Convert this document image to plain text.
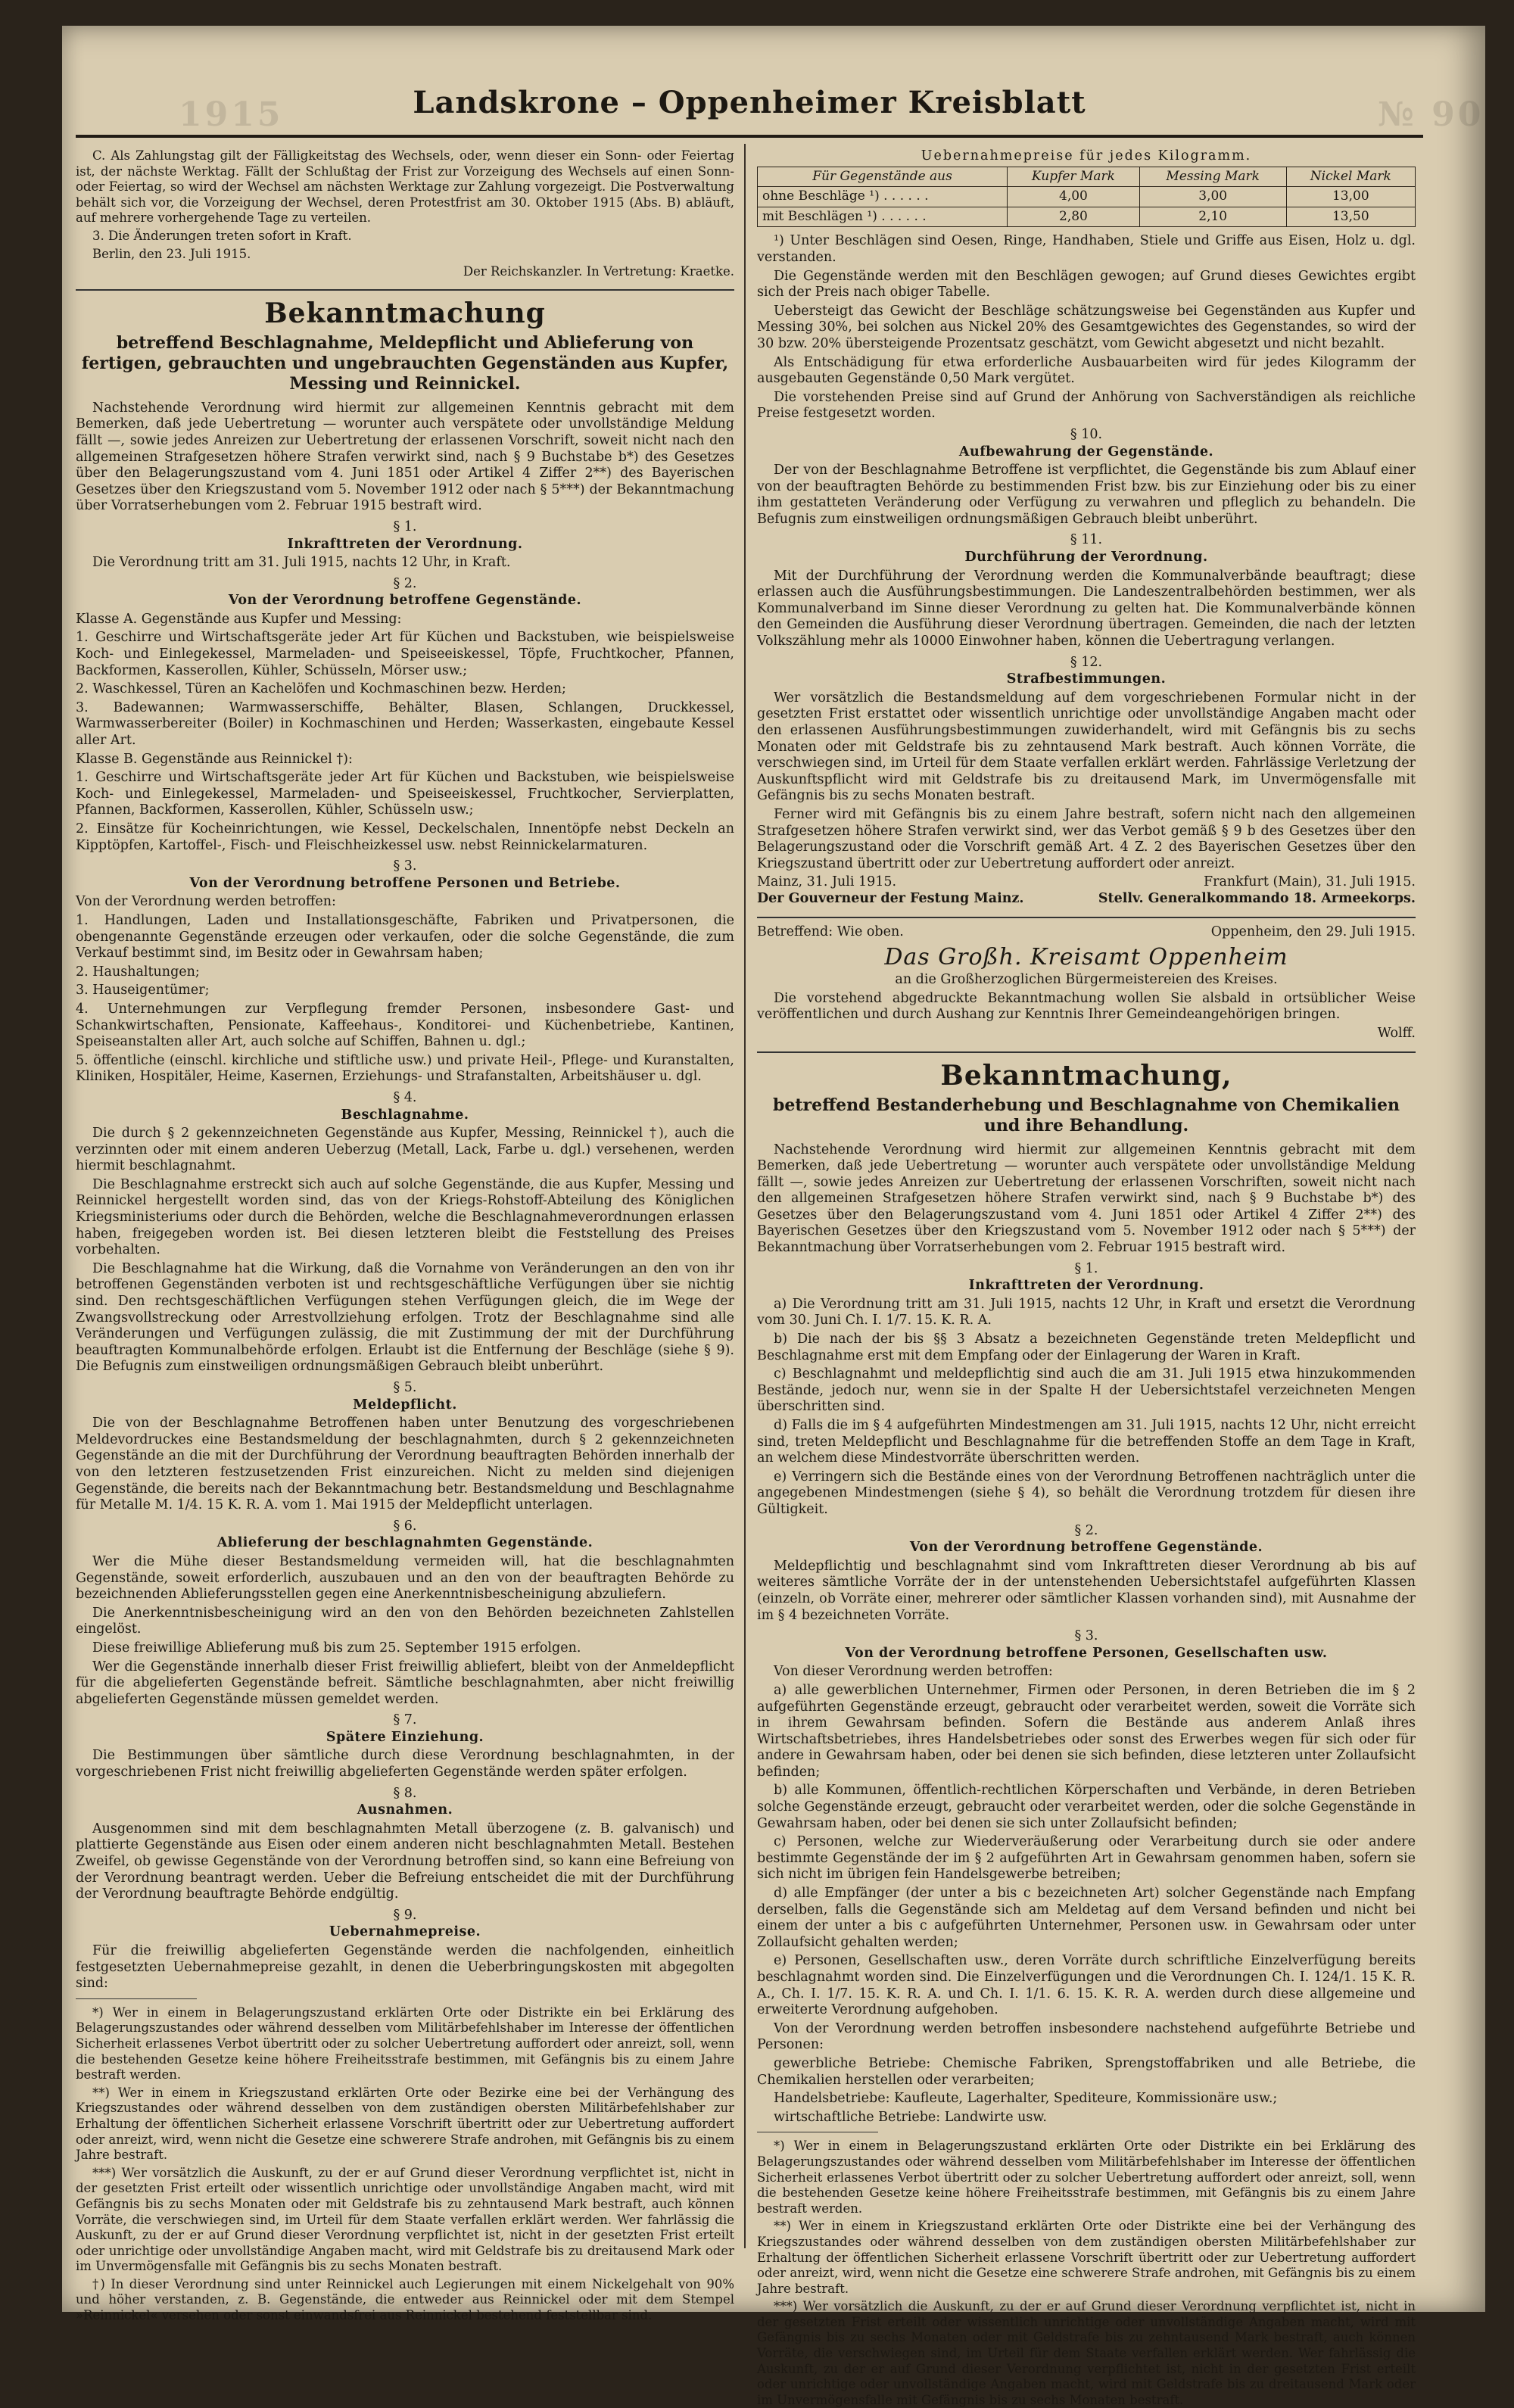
1915	№ 90
Landskrone – Oppenheimer Kreisblatt

C. Als Zahlungstag gilt der Fälligkeitstag des Wechsels, oder, wenn dieser ein Sonn- oder Feiertag ist, der nächste Werktag. Fällt der Schlußtag der Frist zur Vorzeigung des Wechsels auf einen Sonn- oder Feiertag, so wird der Wechsel am nächsten Werktage zur Zahlung vorgezeigt. Die Postverwaltung behält sich vor, die Vorzeigung der Wechsel, deren Protestfrist am 30. Oktober 1915 (Abs. B) abläuft, auf mehrere vorhergehende Tage zu verteilen.

3. Die Änderungen treten sofort in Kraft.

Berlin, den 23. Juli 1915.

Der Reichskanzler. In Vertretung: Kraetke.

Bekanntmachung
betreffend Beschlagnahme, Meldepflicht und Ablieferung von fertigen, gebrauchten und ungebrauchten Gegenständen aus Kupfer, Messing und Reinnickel.

Nachstehende Verordnung wird hiermit zur allgemeinen Kenntnis gebracht mit dem Bemerken, daß jede Uebertretung — worunter auch verspätete oder unvollständige Meldung fällt —, sowie jedes Anreizen zur Uebertretung der erlassenen Vorschrift, soweit nicht nach den allgemeinen Strafgesetzen höhere Strafen verwirkt sind, nach § 9 Buchstabe b*) des Gesetzes über den Belagerungszustand vom 4. Juni 1851 oder Artikel 4 Ziffer 2**) des Bayerischen Gesetzes über den Kriegszustand vom 5. November 1912 oder nach § 5***) der Bekanntmachung über Vorratserhebungen vom 2. Februar 1915 bestraft wird.

§ 1.
Inkrafttreten der Verordnung.

Die Verordnung tritt am 31. Juli 1915, nachts 12 Uhr, in Kraft.

§ 2.
Von der Verordnung betroffene Gegenstände.

Klasse A. Gegenstände aus Kupfer und Messing:

1. Geschirre und Wirtschaftsgeräte jeder Art für Küchen und Backstuben, wie beispielsweise Koch- und Einlegekessel, Marmeladen- und Speiseeiskessel, Töpfe, Fruchtkocher, Pfannen, Backformen, Kasserollen, Kühler, Schüsseln, Mörser usw.;

2. Waschkessel, Türen an Kachelöfen und Kochmaschinen bezw. Herden;

3. Badewannen; Warmwasserschiffe, Behälter, Blasen, Schlangen, Druckkessel, Warmwasserbereiter (Boiler) in Kochmaschinen und Herden; Wasserkasten, eingebaute Kessel aller Art.

Klasse B. Gegenstände aus Reinnickel †):

1. Geschirre und Wirtschaftsgeräte jeder Art für Küchen und Backstuben, wie beispielsweise Koch- und Einlegekessel, Marmeladen- und Speiseeiskessel, Fruchtkocher, Servierplatten, Pfannen, Backformen, Kasserollen, Kühler, Schüsseln usw.;

2. Einsätze für Kocheinrichtungen, wie Kessel, Deckelschalen, Innentöpfe nebst Deckeln an Kipptöpfen, Kartoffel-, Fisch- und Fleischheizkessel usw. nebst Reinnickelarmaturen.

§ 3.
Von der Verordnung betroffene Personen und Betriebe.

Von der Verordnung werden betroffen:

1. Handlungen, Laden und Installationsgeschäfte, Fabriken und Privatpersonen, die obengenannte Gegenstände erzeugen oder verkaufen, oder die solche Gegenstände, die zum Verkauf bestimmt sind, im Besitz oder in Gewahrsam haben;

2. Haushaltungen;

3. Hauseigentümer;

4. Unternehmungen zur Verpflegung fremder Personen, insbesondere Gast- und Schankwirtschaften, Pensionate, Kaffeehaus-, Konditorei- und Küchenbetriebe, Kantinen, Speiseanstalten aller Art, auch solche auf Schiffen, Bahnen u. dgl.;

5. öffentliche (einschl. kirchliche und stiftliche usw.) und private Heil-, Pflege- und Kuranstalten, Kliniken, Hospitäler, Heime, Kasernen, Erziehungs- und Strafanstalten, Arbeitshäuser u. dgl.

§ 4.
Beschlagnahme.

Die durch § 2 gekennzeichneten Gegenstände aus Kupfer, Messing, Reinnickel †), auch die verzinnten oder mit einem anderen Ueberzug (Metall, Lack, Farbe u. dgl.) versehenen, werden hiermit beschlagnahmt.

Die Beschlagnahme erstreckt sich auch auf solche Gegenstände, die aus Kupfer, Messing und Reinnickel hergestellt worden sind, das von der Kriegs-Rohstoff-Abteilung des Königlichen Kriegsministeriums oder durch die Behörden, welche die Beschlagnahmeverordnungen erlassen haben, freigegeben worden ist. Bei diesen letzteren bleibt die Feststellung des Preises vorbehalten.

Die Beschlagnahme hat die Wirkung, daß die Vornahme von Veränderungen an den von ihr betroffenen Gegenständen verboten ist und rechtsgeschäftliche Verfügungen über sie nichtig sind. Den rechtsgeschäftlichen Verfügungen stehen Verfügungen gleich, die im Wege der Zwangsvollstreckung oder Arrestvollziehung erfolgen. Trotz der Beschlagnahme sind alle Veränderungen und Verfügungen zulässig, die mit Zustimmung der mit der Durchführung beauftragten Kommunalbehörde erfolgen. Erlaubt ist die Entfernung der Beschläge (siehe § 9). Die Befugnis zum einstweiligen ordnungsmäßigen Gebrauch bleibt unberührt.

§ 5.
Meldepflicht.

Die von der Beschlagnahme Betroffenen haben unter Benutzung des vorgeschriebenen Meldevordruckes eine Bestandsmeldung der beschlagnahmten, durch § 2 gekennzeichneten Gegenstände an die mit der Durchführung der Verordnung beauftragten Behörden innerhalb der von den letzteren festzusetzenden Frist einzureichen. Nicht zu melden sind diejenigen Gegenstände, die bereits nach der Bekanntmachung betr. Bestandsmeldung und Beschlagnahme für Metalle M. 1/4. 15 K. R. A. vom 1. Mai 1915 der Meldepflicht unterlagen.

§ 6.
Ablieferung der beschlagnahmten Gegenstände.

Wer die Mühe dieser Bestandsmeldung vermeiden will, hat die beschlagnahmten Gegenstände, soweit erforderlich, auszubauen und an den von der beauftragten Behörde zu bezeichnenden Ablieferungsstellen gegen eine Anerkenntnisbescheinigung abzuliefern.

Die Anerkenntnisbescheinigung wird an den von den Behörden bezeichneten Zahlstellen eingelöst.

Diese freiwillige Ablieferung muß bis zum 25. September 1915 erfolgen.

Wer die Gegenstände innerhalb dieser Frist freiwillig abliefert, bleibt von der Anmeldepflicht für die abgelieferten Gegenstände befreit. Sämtliche beschlagnahmten, aber nicht freiwillig abgelieferten Gegenstände müssen gemeldet werden.

§ 7.
Spätere Einziehung.

Die Bestimmungen über sämtliche durch diese Verordnung beschlagnahmten, in der vorgeschriebenen Frist nicht freiwillig abgelieferten Gegenstände werden später erfolgen.

§ 8.
Ausnahmen.

Ausgenommen sind mit dem beschlagnahmten Metall überzogene (z. B. galvanisch) und plattierte Gegenstände aus Eisen oder einem anderen nicht beschlagnahmten Metall. Bestehen Zweifel, ob gewisse Gegenstände von der Verordnung betroffen sind, so kann eine Befreiung von der Verordnung beantragt werden. Ueber die Befreiung entscheidet die mit der Durchführung der Verordnung beauftragte Behörde endgültig.

§ 9.
Uebernahmepreise.

Für die freiwillig abgelieferten Gegenstände werden die nachfolgenden, einheitlich festgesetzten Uebernahmepreise gezahlt, in denen die Ueberbringungskosten mit abgegolten sind:

*) Wer in einem in Belagerungszustand erklärten Orte oder Distrikte ein bei Erklärung des Belagerungszustandes oder während desselben vom Militärbefehlshaber im Interesse der öffentlichen Sicherheit erlassenes Verbot übertritt oder zu solcher Uebertretung auffordert oder anreizt, soll, wenn die bestehenden Gesetze keine höhere Freiheitsstrafe bestimmen, mit Gefängnis bis zu einem Jahre bestraft werden.

**) Wer in einem in Kriegszustand erklärten Orte oder Bezirke eine bei der Verhängung des Kriegszustandes oder während desselben von dem zuständigen obersten Militärbefehlshaber zur Erhaltung der öffentlichen Sicherheit erlassene Vorschrift übertritt oder zur Uebertretung auffordert oder anreizt, wird, wenn nicht die Gesetze eine schwerere Strafe androhen, mit Gefängnis bis zu einem Jahre bestraft.

***) Wer vorsätzlich die Auskunft, zu der er auf Grund dieser Verordnung verpflichtet ist, nicht in der gesetzten Frist erteilt oder wissentlich unrichtige oder unvollständige Angaben macht, wird mit Gefängnis bis zu sechs Monaten oder mit Geldstrafe bis zu zehntausend Mark bestraft, auch können Vorräte, die verschwiegen sind, im Urteil für dem Staate verfallen erklärt werden. Wer fahrlässig die Auskunft, zu der er auf Grund dieser Verordnung verpflichtet ist, nicht in der gesetzten Frist erteilt oder unrichtige oder unvollständige Angaben macht, wird mit Geldstrafe bis zu dreitausend Mark oder im Unvermögensfalle mit Gefängnis bis zu sechs Monaten bestraft.

†) In dieser Verordnung sind unter Reinnickel auch Legierungen mit einem Nickelgehalt von 90% und höher verstanden, z. B. Gegenstände, die entweder aus Reinnickel oder mit dem Stempel »Reinnickel« versehen oder sonst einwandsfrei aus Reinnickel bestehend feststellbar sind.

Uebernahmepreise für jedes Kilogramm.
Für Gegenstände aus	Kupfer Mark	Messing Mark	Nickel Mark
ohne Beschläge ¹) . . . . . .	4,00	3,00	13,00
mit Beschlägen ¹) . . . . . .	2,80	2,10	13,50

¹) Unter Beschlägen sind Oesen, Ringe, Handhaben, Stiele und Griffe aus Eisen, Holz u. dgl. verstanden.

Die Gegenstände werden mit den Beschlägen gewogen; auf Grund dieses Gewichtes ergibt sich der Preis nach obiger Tabelle.

Uebersteigt das Gewicht der Beschläge schätzungsweise bei Gegenständen aus Kupfer und Messing 30%, bei solchen aus Nickel 20% des Gesamtgewichtes des Gegenstandes, so wird der 30 bzw. 20% übersteigende Prozentsatz geschätzt, vom Gewicht abgesetzt und nicht bezahlt.

Als Entschädigung für etwa erforderliche Ausbauarbeiten wird für jedes Kilogramm der ausgebauten Gegenstände 0,50 Mark vergütet.

Die vorstehenden Preise sind auf Grund der Anhörung von Sachverständigen als reichliche Preise festgesetzt worden.

§ 10.
Aufbewahrung der Gegenstände.

Der von der Beschlagnahme Betroffene ist verpflichtet, die Gegenstände bis zum Ablauf einer von der beauftragten Behörde zu bestimmenden Frist bzw. bis zur Einziehung oder bis zu einer ihm gestatteten Veränderung oder Verfügung zu verwahren und pfleglich zu behandeln. Die Befugnis zum einstweiligen ordnungsmäßigen Gebrauch bleibt unberührt.

§ 11.
Durchführung der Verordnung.

Mit der Durchführung der Verordnung werden die Kommunalverbände beauftragt; diese erlassen auch die Ausführungsbestimmungen. Die Landeszentralbehörden bestimmen, wer als Kommunalverband im Sinne dieser Verordnung zu gelten hat. Die Kommunalverbände können den Gemeinden die Ausführung dieser Verordnung übertragen. Gemeinden, die nach der letzten Volkszählung mehr als 10000 Einwohner haben, können die Uebertragung verlangen.

§ 12.
Strafbestimmungen.

Wer vorsätzlich die Bestandsmeldung auf dem vorgeschriebenen Formular nicht in der gesetzten Frist erstattet oder wissentlich unrichtige oder unvollständige Angaben macht oder den erlassenen Ausführungsbestimmungen zuwiderhandelt, wird mit Gefängnis bis zu sechs Monaten oder mit Geldstrafe bis zu zehntausend Mark bestraft. Auch können Vorräte, die verschwiegen sind, im Urteil für dem Staate verfallen erklärt werden. Fahrlässige Verletzung der Auskunftspflicht wird mit Geldstrafe bis zu dreitausend Mark, im Unvermögensfalle mit Gefängnis bis zu sechs Monaten bestraft.

Ferner wird mit Gefängnis bis zu einem Jahre bestraft, sofern nicht nach den allgemeinen Strafgesetzen höhere Strafen verwirkt sind, wer das Verbot gemäß § 9 b des Gesetzes über den Belagerungszustand oder die Vorschrift gemäß Art. 4 Z. 2 des Bayerischen Gesetzes über den Kriegszustand übertritt oder zur Uebertretung auffordert oder anreizt.

Mainz, 31. Juli 1915.	Frankfurt (Main), 31. Juli 1915.
Der Gouverneur der Festung Mainz.	Stellv. Generalkommando 18. Armeekorps.
Betreffend: Wie oben.	Oppenheim, den 29. Juli 1915.
Das Großh. Kreisamt Oppenheim

an die Großherzoglichen Bürgermeistereien des Kreises.

Die vorstehend abgedruckte Bekanntmachung wollen Sie alsbald in ortsüblicher Weise veröffentlichen und durch Aushang zur Kenntnis Ihrer Gemeindeangehörigen bringen.

Wolff.

Bekanntmachung,
betreffend Bestanderhebung und Beschlagnahme von Chemikalien und ihre Behandlung.

Nachstehende Verordnung wird hiermit zur allgemeinen Kenntnis gebracht mit dem Bemerken, daß jede Uebertretung — worunter auch verspätete oder unvollständige Meldung fällt —, sowie jedes Anreizen zur Uebertretung der erlassenen Vorschriften, soweit nicht nach den allgemeinen Strafgesetzen höhere Strafen verwirkt sind, nach § 9 Buchstabe b*) des Gesetzes über den Belagerungszustand vom 4. Juni 1851 oder Artikel 4 Ziffer 2**) des Bayerischen Gesetzes über den Kriegszustand vom 5. November 1912 oder nach § 5***) der Bekanntmachung über Vorratserhebungen vom 2. Februar 1915 bestraft wird.

§ 1.
Inkrafttreten der Verordnung.

a) Die Verordnung tritt am 31. Juli 1915, nachts 12 Uhr, in Kraft und ersetzt die Verordnung vom 30. Juni Ch. I. 1/7. 15. K. R. A.

b) Die nach der bis §§ 3 Absatz a bezeichneten Gegenstände treten Meldepflicht und Beschlagnahme erst mit dem Empfang oder der Einlagerung der Waren in Kraft.

c) Beschlagnahmt und meldepflichtig sind auch die am 31. Juli 1915 etwa hinzukommenden Bestände, jedoch nur, wenn sie in der Spalte H der Uebersichtstafel verzeichneten Mengen überschritten sind.

d) Falls die im § 4 aufgeführten Mindestmengen am 31. Juli 1915, nachts 12 Uhr, nicht erreicht sind, treten Meldepflicht und Beschlagnahme für die betreffenden Stoffe an dem Tage in Kraft, an welchem diese Mindestvorräte überschritten werden.

e) Verringern sich die Bestände eines von der Verordnung Betroffenen nachträglich unter die angegebenen Mindestmengen (siehe § 4), so behält die Verordnung trotzdem für diesen ihre Gültigkeit.

§ 2.
Von der Verordnung betroffene Gegenstände.

Meldepflichtig und beschlagnahmt sind vom Inkrafttreten dieser Verordnung ab bis auf weiteres sämtliche Vorräte der in der untenstehenden Uebersichtstafel aufgeführten Klassen (einzeln, ob Vorräte einer, mehrerer oder sämtlicher Klassen vorhanden sind), mit Ausnahme der im § 4 bezeichneten Vorräte.

§ 3.
Von der Verordnung betroffene Personen, Gesellschaften usw.

Von dieser Verordnung werden betroffen:

a) alle gewerblichen Unternehmer, Firmen oder Personen, in deren Betrieben die im § 2 aufgeführten Gegenstände erzeugt, gebraucht oder verarbeitet werden, soweit die Vorräte sich in ihrem Gewahrsam befinden. Sofern die Bestände aus anderem Anlaß ihres Wirtschaftsbetriebes, ihres Handelsbetriebes oder sonst des Erwerbes wegen für sich oder für andere in Gewahrsam haben, oder bei denen sie sich befinden, diese letzteren unter Zollaufsicht befinden;

b) alle Kommunen, öffentlich-rechtlichen Körperschaften und Verbände, in deren Betrieben solche Gegenstände erzeugt, gebraucht oder verarbeitet werden, oder die solche Gegenstände in Gewahrsam haben, oder bei denen sie sich unter Zollaufsicht befinden;

c) Personen, welche zur Wiederveräußerung oder Verarbeitung durch sie oder andere bestimmte Gegenstände der im § 2 aufgeführten Art in Gewahrsam genommen haben, sofern sie sich nicht im übrigen fein Handelsgewerbe betreiben;

d) alle Empfänger (der unter a bis c bezeichneten Art) solcher Gegenstände nach Empfang derselben, falls die Gegenstände sich am Meldetag auf dem Versand befinden und nicht bei einem der unter a bis c aufgeführten Unternehmer, Personen usw. in Gewahrsam oder unter Zollaufsicht gehalten werden;

e) Personen, Gesellschaften usw., deren Vorräte durch schriftliche Einzelverfügung bereits beschlagnahmt worden sind. Die Einzelverfügungen und die Verordnungen Ch. I. 124/1. 15 K. R. A., Ch. I. 1/7. 15. K. R. A. und Ch. I. 1/1. 6. 15. K. R. A. werden durch diese allgemeine und erweiterte Verordnung aufgehoben.

Von der Verordnung werden betroffen insbesondere nachstehend aufgeführte Betriebe und Personen:

gewerbliche Betriebe: Chemische Fabriken, Sprengstoffabriken und alle Betriebe, die Chemikalien herstellen oder verarbeiten;

Handelsbetriebe: Kaufleute, Lagerhalter, Spediteure, Kommissionäre usw.;

wirtschaftliche Betriebe: Landwirte usw.

*) Wer in einem in Belagerungszustand erklärten Orte oder Distrikte ein bei Erklärung des Belagerungszustandes oder während desselben vom Militärbefehlshaber im Interesse der öffentlichen Sicherheit erlassenes Verbot übertritt oder zu solcher Uebertretung auffordert oder anreizt, soll, wenn die bestehenden Gesetze keine höhere Freiheitsstrafe bestimmen, mit Gefängnis bis zu einem Jahre bestraft werden.

**) Wer in einem in Kriegszustand erklärten Orte oder Distrikte eine bei der Verhängung des Kriegszustandes oder während desselben von dem zuständigen obersten Militärbefehlshaber zur Erhaltung der öffentlichen Sicherheit erlassene Vorschrift übertritt oder zur Uebertretung auffordert oder anreizt, wird, wenn nicht die Gesetze eine schwerere Strafe androhen, mit Gefängnis bis zu einem Jahre bestraft.

***) Wer vorsätzlich die Auskunft, zu der er auf Grund dieser Verordnung verpflichtet ist, nicht in der gesetzten Frist erteilt oder wissentlich unrichtige oder unvollständige Angaben macht, wird mit Gefängnis bis zu sechs Monaten oder mit Geldstrafe bis zu zehntausend Mark bestraft, auch können Vorräte, die verschwiegen sind, im Urteil für dem Staate verfallen erklärt werden. Wer fahrlässig die Auskunft, zu der er auf Grund dieser Verordnung verpflichtet ist, nicht in der gesetzten Frist erteilt oder unrichtige oder unvollständige Angaben macht, wird mit Geldstrafe bis zu dreitausend Mark oder im Unvermögensfalle mit Gefängnis bis zu sechs Monaten bestraft.
